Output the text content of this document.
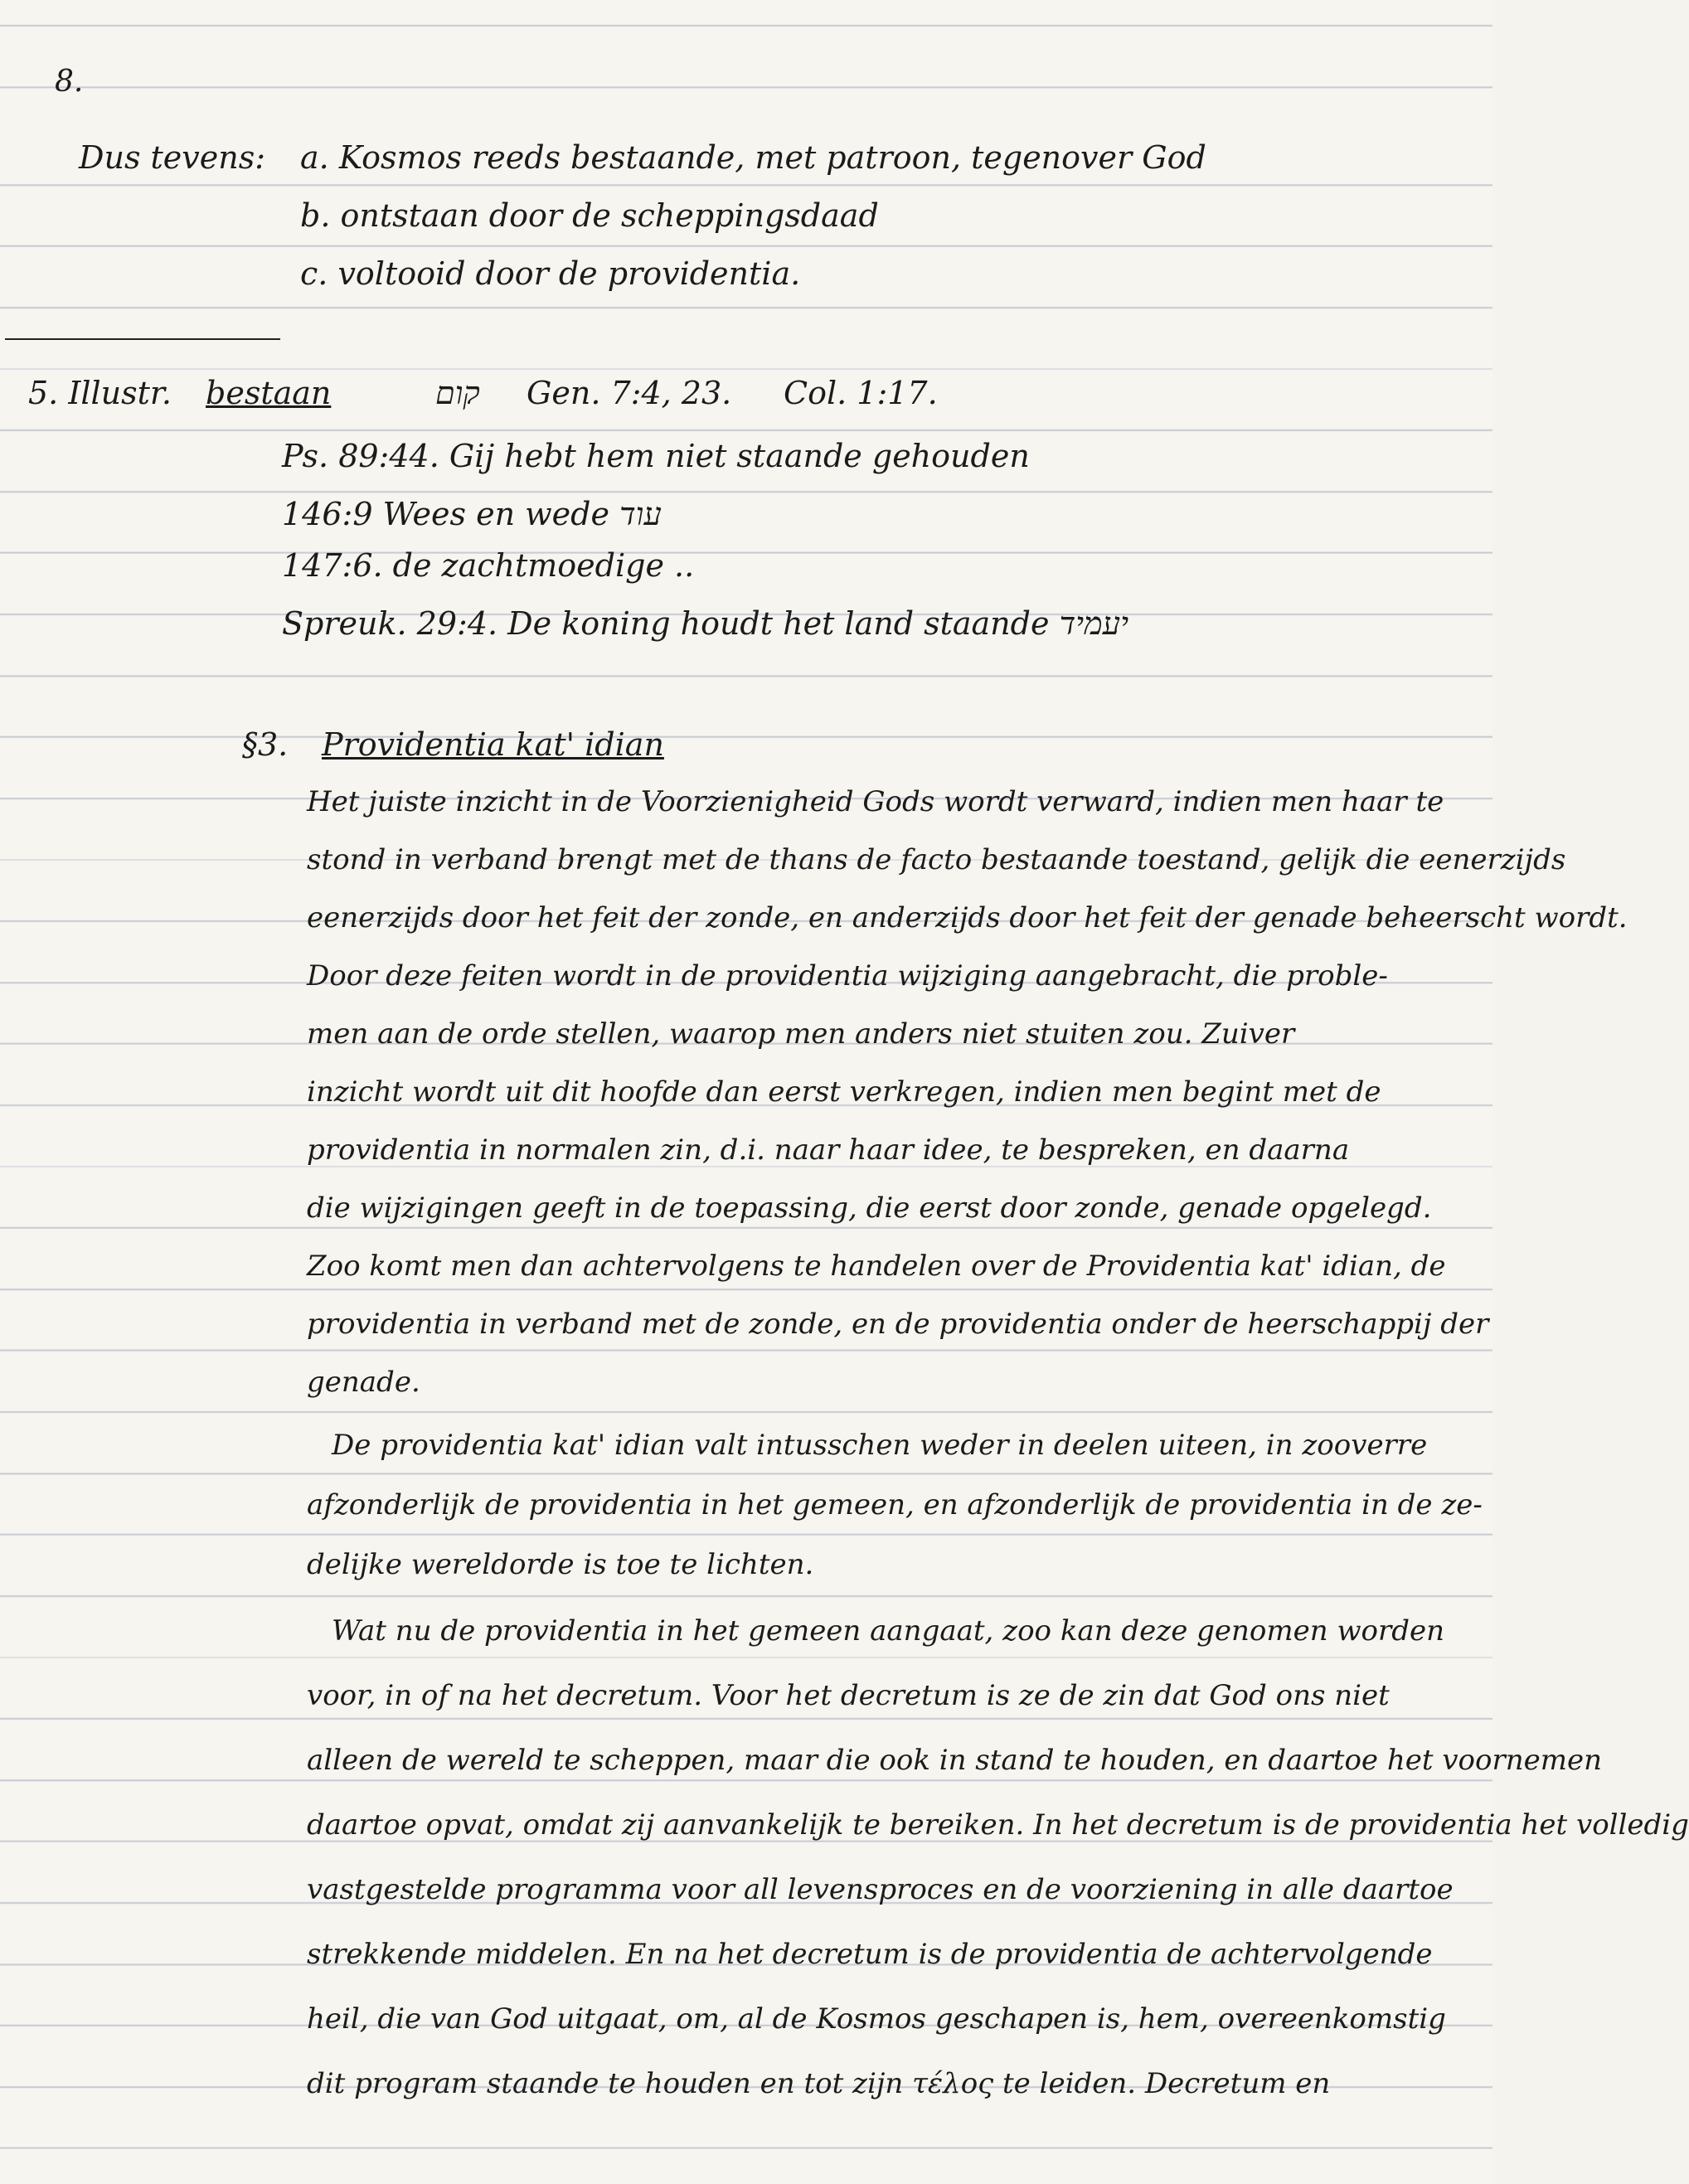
8.
Dus tevens: a. Kosmos reeds bestaande, met patroon, tegenover God
b. ontstaan door de scheppingsdaad
c. voltooid door de providentia.
5. Illustr. bestaan	קום Gen. 7:4, 23. Col. 1:17.
Ps. 89:44. Gij hebt hem niet staande gehouden
146:9 Wees en wede עוד
147:6. de zachtmoedige ..
Spreuk. 29:4. De koning houdt het land staande יעמיד
§3. Providentia kat' idian
Het juiste inzicht in de Voorzienigheid Gods wordt verward, indien men haar te
stond in verband brengt met de thans de facto bestaande toestand, gelijk die eenerzijds
eenerzijds door het feit der zonde, en anderzijds door het feit der genade beheerscht wordt.
Door deze feiten wordt in de providentia wijziging aangebracht, die proble-
men aan de orde stellen, waarop men anders niet stuiten zou. Zuiver
inzicht wordt uit dit hoofde dan eerst verkregen, indien men begint met de
providentia in normalen zin, d.i. naar haar idee, te bespreken, en daarna
die wijzigingen geeft in de toepassing, die eerst door zonde, genade opgelegd.
Zoo komt men dan achtervolgens te handelen over de Providentia kat' idian, de
providentia in verband met de zonde, en de providentia onder de heerschappij der
genade.
De providentia kat' idian valt intusschen weder in deelen uiteen, in zooverre
afzonderlijk de providentia in het gemeen, en afzonderlijk de providentia in de ze-
delijke wereldorde is toe te lichten.
Wat nu de providentia in het gemeen aangaat, zoo kan deze genomen worden
voor, in of na het decretum. Voor het decretum is ze de zin dat God ons niet
alleen de wereld te scheppen, maar die ook in stand te houden, en daartoe het voornemen
daartoe opvat, omdat zij aanvankelijk te bereiken. In het decretum is de providentia het volledig
vastgestelde programma voor all levensproces en de voorziening in alle daartoe
strekkende middelen. En na het decretum is de providentia de achtervolgende
heil, die van God uitgaat, om, al de Kosmos geschapen is, hem, overeenkomstig
dit program staande te houden en tot zijn τέλος te leiden. Decretum en
